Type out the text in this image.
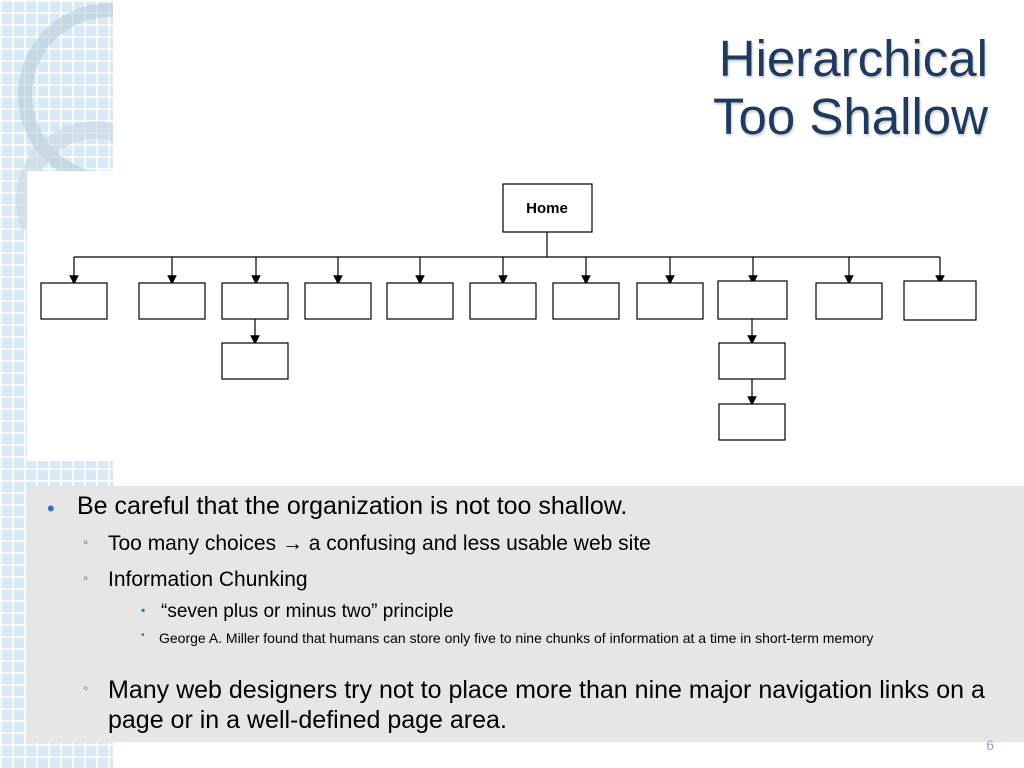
Hierarchical
Too Shallow
Home
• Be careful that the organization is not too shallow.
◦ Too many choices → a confusing and less usable web site
◦ Information Chunking
▪ “seven plus or minus two” principle
• George A. Miller found that humans can store only five to nine chunks of information at a time in short-term memory
◦ Many web designers try not to place more than nine major navigation links on a page or in a well-defined page area.
6
